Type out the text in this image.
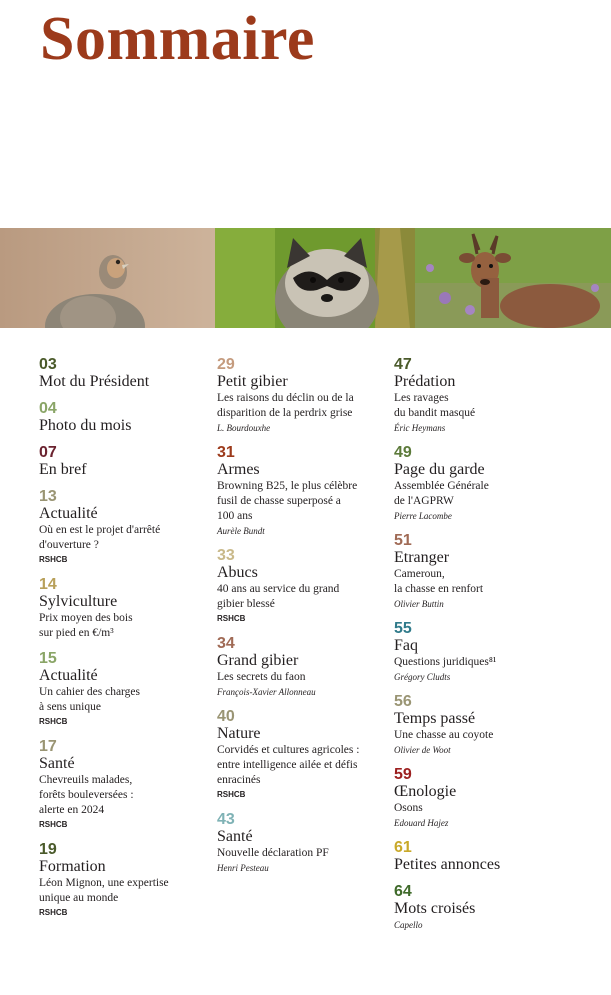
Sommaire
03
Mot du Président
04
Photo du mois
07
En bref
13
Actualité
Où en est le projet d'arrêté
d'ouverture ?
RSHCB
14
Sylviculture
Prix moyen des bois
sur pied en €/m³
15
Actualité
Un cahier des charges
à sens unique
RSHCB
17
Santé
Chevreuils malades,
forêts bouleversées :
alerte en 2024
RSHCB
19
Formation
Léon Mignon, une expertise
unique au monde
RSHCB
29
Petit gibier
Les raisons du déclin ou de la
disparition de la perdrix grise
L. Bourdouxhe
31
Armes
Browning B25, le plus célèbre
fusil de chasse superposé a
100 ans
Aurèle Bundt
33
Abucs
40 ans au service du grand
gibier blessé
RSHCB
34
Grand gibier
Les secrets du faon
François-Xavier Allonneau
40
Nature
Corvidés et cultures agricoles :
entre intelligence ailée et défis
enracinés
RSHCB
43
Santé
Nouvelle déclaration PF
Henri Pesteau
47
Prédation
Les ravages
du bandit masqué
Éric Heymans
49
Page du garde
Assemblée Générale
de l'AGPRW
Pierre Lacombe
51
Etranger
Cameroun,
la chasse en renfort
Olivier Buttin
55
Faq
Questions juridiques⁸¹
Grégory Cludts
56
Temps passé
Une chasse au coyote
Olivier de Woot
59
Œnologie
Osons
Edouard Hajez
61
Petites annonces
64
Mots croisés
Capello
